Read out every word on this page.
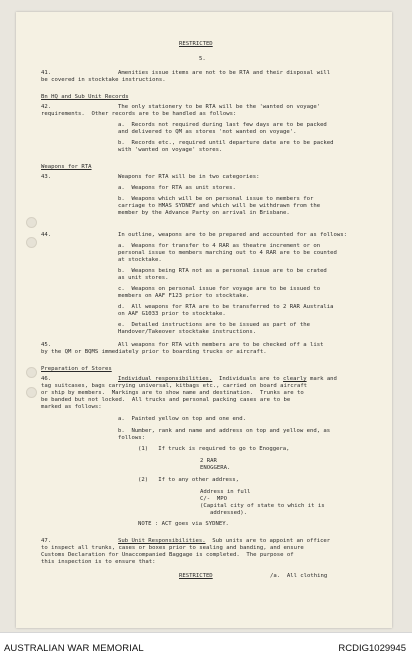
RESTRICTED
5.
41.	Amenities issue items are not to be RTA and their disposal will
be covered in stocktake instructions.
Bn HQ and Sub Unit Records
42.	The only stationery to be RTA will be the 'wanted on voyage'
requirements.  Other records are to be handled as follows:
a.  Records not required during last few days are to be packed
and delivered to QM as stores 'not wanted on voyage'.
b.  Records etc., required until departure date are to be packed
with 'wanted on voyage' stores.
Weapons for RTA
43.	Weapons for RTA will be in two categories:
a.  Weapons for RTA as unit stores.
b.  Weapons which will be on personal issue to members for
carriage to HMAS SYDNEY and which will be withdrawn from the
member by the Advance Party on arrival in Brisbane.
44.	In outline, weapons are to be prepared and accounted for as follows:
a.  Weapons for transfer to 4 RAR as theatre increment or on
personal issue to members marching out to 4 RAR are to be counted
at stocktake.
b.  Weapons being RTA not as a personal issue are to be crated
as unit stores.
c.  Weapons on personal issue for voyage are to be issued to
members on AAF F123 prior to stocktake.
d.  All weapons for RTA are to be transferred to 2 RAR Australia
on AAF G1033 prior to stocktake.
e.  Detailed instructions are to be issued as part of the
Handover/Takeover stocktake instructions.
45.	All weapons for RTA with members are to be checked off a list
by the QM or BQMS immediately prior to boarding trucks or aircraft.
Preparation of Stores
46.	Individual responsibilities.  Individuals are to clearly mark and
tag suitcases, bags carrying universal, kitbags etc., carried on board aircraft
or ship by members.  Markings are to show name and destination.  Trunks are to
be banded but not locked.  All trucks and personal packing cases are to be
marked as follows:
a.  Painted yellow on top and one end.
b.  Number, rank and name and address on top and yellow end, as
follows:
(1)   If truck is required to go to Enoggera,
2 RAR
ENOGGERA.
(2)   If to any other address,
Address in full
C/-  MPO
(Capital city of state to which it is
addressed).
NOTE : ACT goes via SYDNEY.
47.	Sub Unit Responsibilities.  Sub units are to appoint an officer
to inspect all trunks, cases or boxes prior to sealing and banding, and ensure
Customs Declaration for Unaccompanied Baggage is completed.  The purpose of
this inspection is to ensure that:
RESTRICTED	/a.  All clothing
AUSTRALIAN WAR MEMORIAL	RCDIG1029945
